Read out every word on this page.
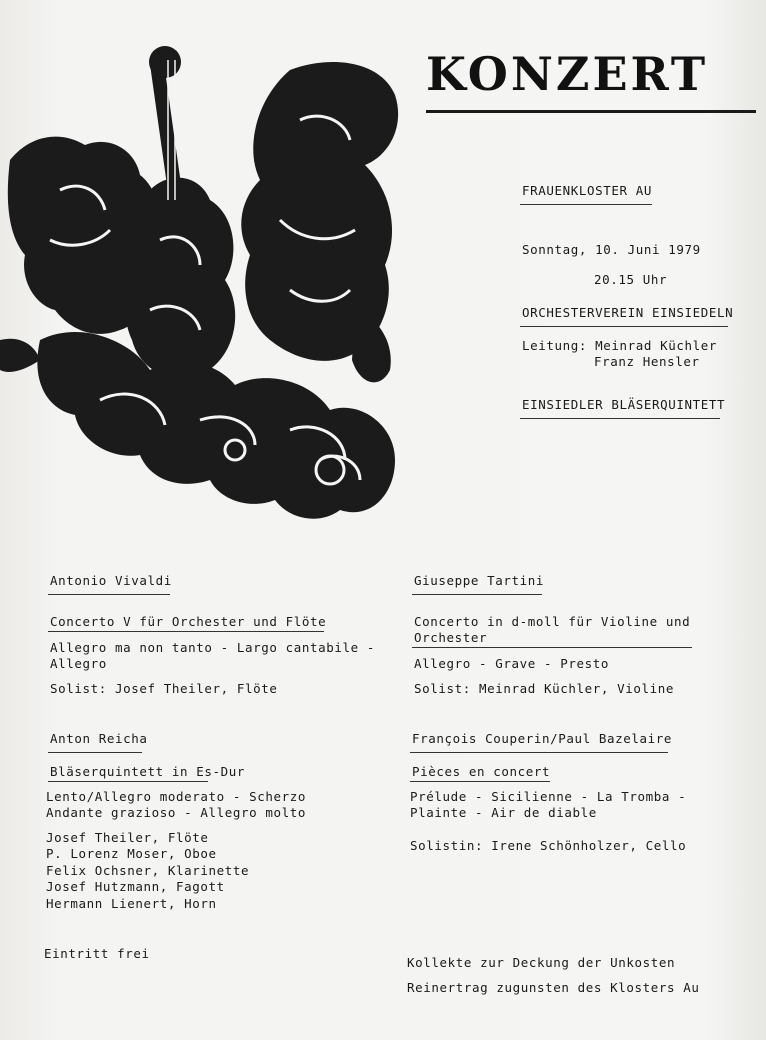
KONZERT
FRAUENKLOSTER AU
Sonntag, 10. Juni 1979
20.15 Uhr
ORCHESTERVEREIN EINSIEDELN
Leitung: Meinrad Küchler
Franz Hensler
EINSIEDLER BLÄSERQUINTETT
Antonio Vivaldi
Concerto V für Orchester und Flöte
Allegro ma non tanto - Largo cantabile -
Allegro
Solist: Josef Theiler, Flöte
Giuseppe Tartini
Concerto in d-moll für Violine und
Orchester
Allegro - Grave - Presto
Solist: Meinrad Küchler, Violine
Anton Reicha
Bläserquintett in Es-Dur
Lento/Allegro moderato - Scherzo
Andante grazioso - Allegro molto
Josef Theiler, Flöte
P. Lorenz Moser, Oboe
Felix Ochsner, Klarinette
Josef Hutzmann, Fagott
Hermann Lienert, Horn
François Couperin/Paul Bazelaire
Pièces en concert
Prélude - Sicilienne - La Tromba -
Plainte - Air de diable
Solistin: Irene Schönholzer, Cello
Eintritt frei
Kollekte zur Deckung der Unkosten
Reinertrag zugunsten des Klosters Au
